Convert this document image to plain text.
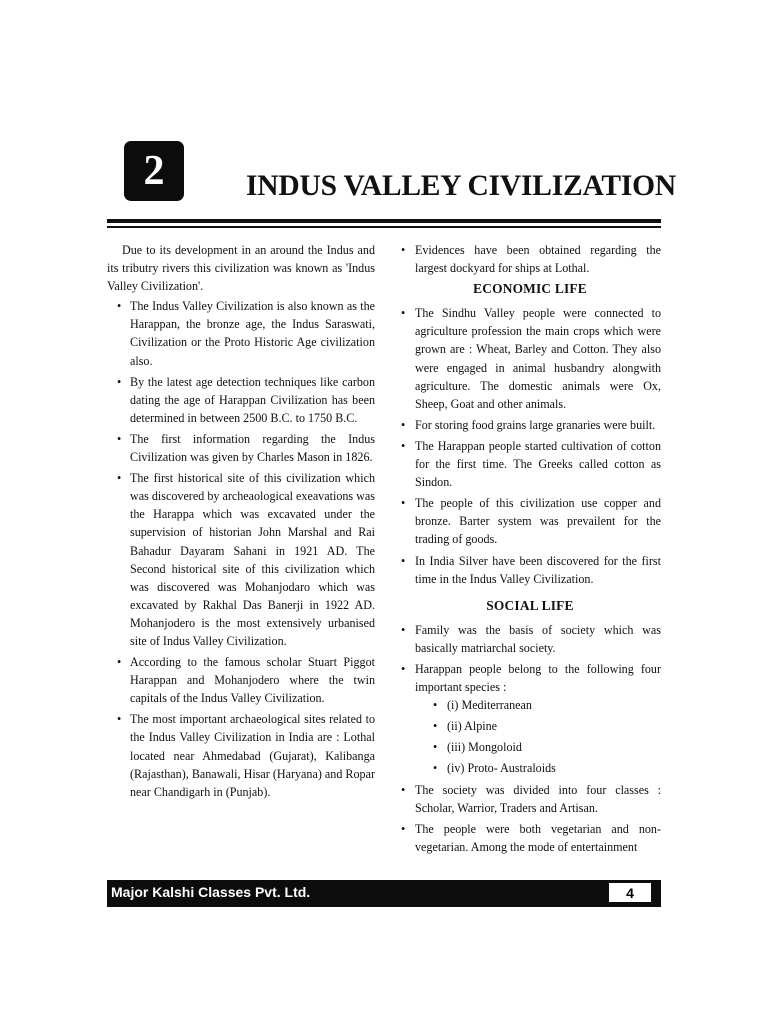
2	INDUS VALLEY CIVILIZATION

Due to its development in an around the Indus and its tributry rivers this civilization was known as 'Indus Valley Civilization'.

• The Indus Valley Civilization is also known as the Harappan, the bronze age, the Indus Saraswati, Civilization or the Proto Historic Age civilization also.
• By the latest age detection techniques like carbon dating the age of Harappan Civilization has been determined in between 2500 B.C. to 1750 B.C.
• The first information regarding the Indus Civilization was given by Charles Mason in 1826.
• The first historical site of this civilization which was discovered by archeaological exeavations was the Harappa which was excavated under the supervision of historian John Marshal and Rai Bahadur Dayaram Sahani in 1921 AD. The Second historical site of this civilization which was discovered was Mohanjodaro which was excavated by Rakhal Das Banerji in 1922 AD. Mohanjodero is the most extensively urbanised site of Indus Valley Civilization.
• According to the famous scholar Stuart Piggot Harappan and Mohanjodero where the twin capitals of the Indus Valley Civilization.
• The most important archaeological sites related to the Indus Valley Civilization in India are : Lothal located near Ahmedabad (Gujarat), Kalibanga (Rajasthan), Banawali, Hisar (Haryana) and Ropar near Chandigarh in (Punjab).
• Evidences have been obtained regarding the largest dockyard for ships at Lothal.
ECONOMIC LIFE
• The Sindhu Valley people were connected to agriculture profession the main crops which were grown are : Wheat, Barley and Cotton. They also were engaged in animal husbandry alongwith agriculture. The domestic animals were Ox, Sheep, Goat and other animals.
• For storing food grains large granaries were built.
• The Harappan people started cultivation of cotton for the first time. The Greeks called cotton as Sindon.
• The people of this civilization use copper and bronze. Barter system was prevailent for the trading of goods.
• In India Silver have been discovered for the first time in the Indus Valley Civilization.
SOCIAL LIFE
• Family was the basis of society which was basically matriarchal society.
• Harappan people belong to the following four important species :
• (i) Mediterranean
• (ii) Alpine
• (iii) Mongoloid
• (iv) Proto- Australoids
• The society was divided into four classes : Scholar, Warrior, Traders and Artisan.
• The people were both vegetarian and non-vegetarian. Among the mode of entertainment
Major Kalshi Classes Pvt. Ltd.	4
